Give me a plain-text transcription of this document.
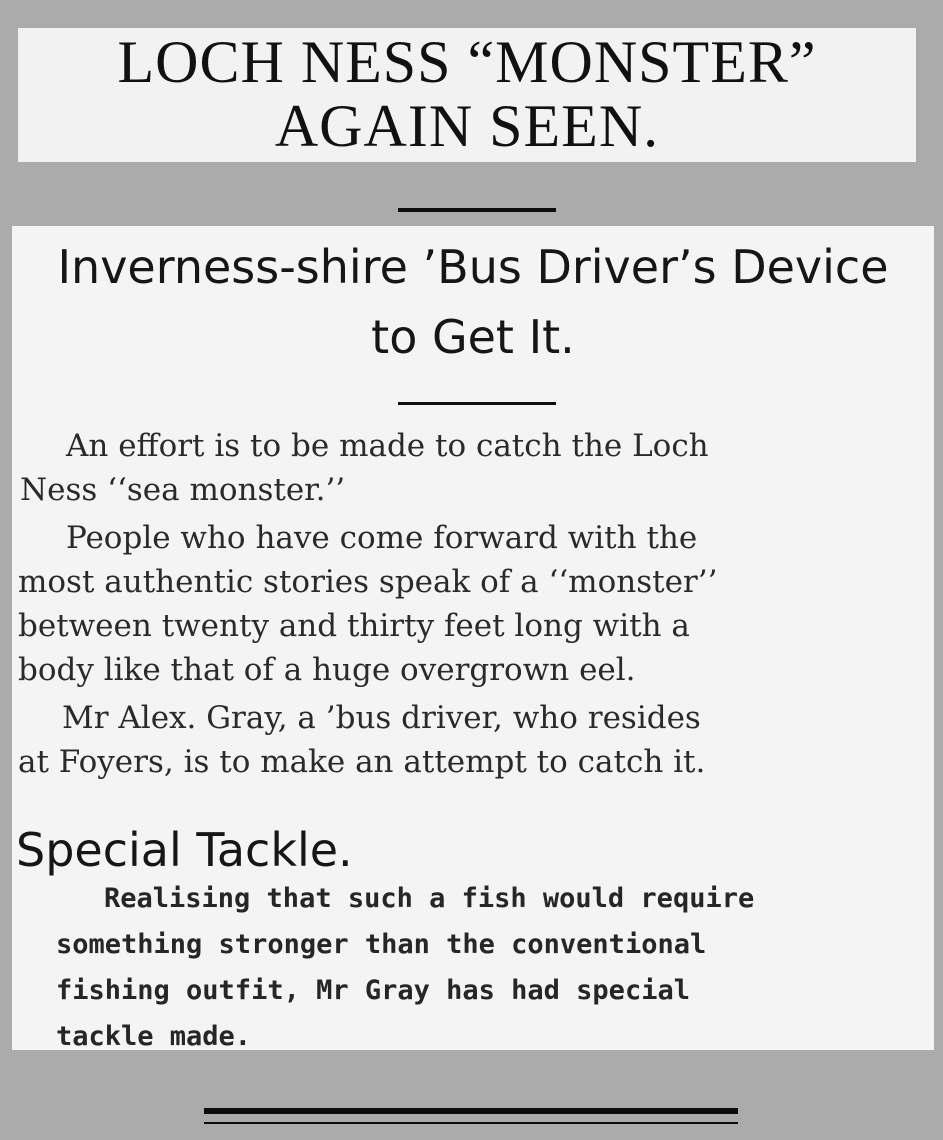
LOCH NESS “MONSTER”
AGAIN SEEN.
Inverness-shire ’Bus Driver’s Device
to Get It.

An effort is to be made to catch the Loch
Ness ‘‘sea monster.’’

People who have come forward with the
most authentic stories speak of a ‘‘monster’’
between twenty and thirty feet long with a
body like that of a huge overgrown eel.

Mr Alex. Gray, a ’bus driver, who resides
at Foyers, is to make an attempt to catch it.

Special Tackle.

Realising that such a fish would require
something stronger than the conventional
fishing outfit, Mr Gray has had special
tackle made.
